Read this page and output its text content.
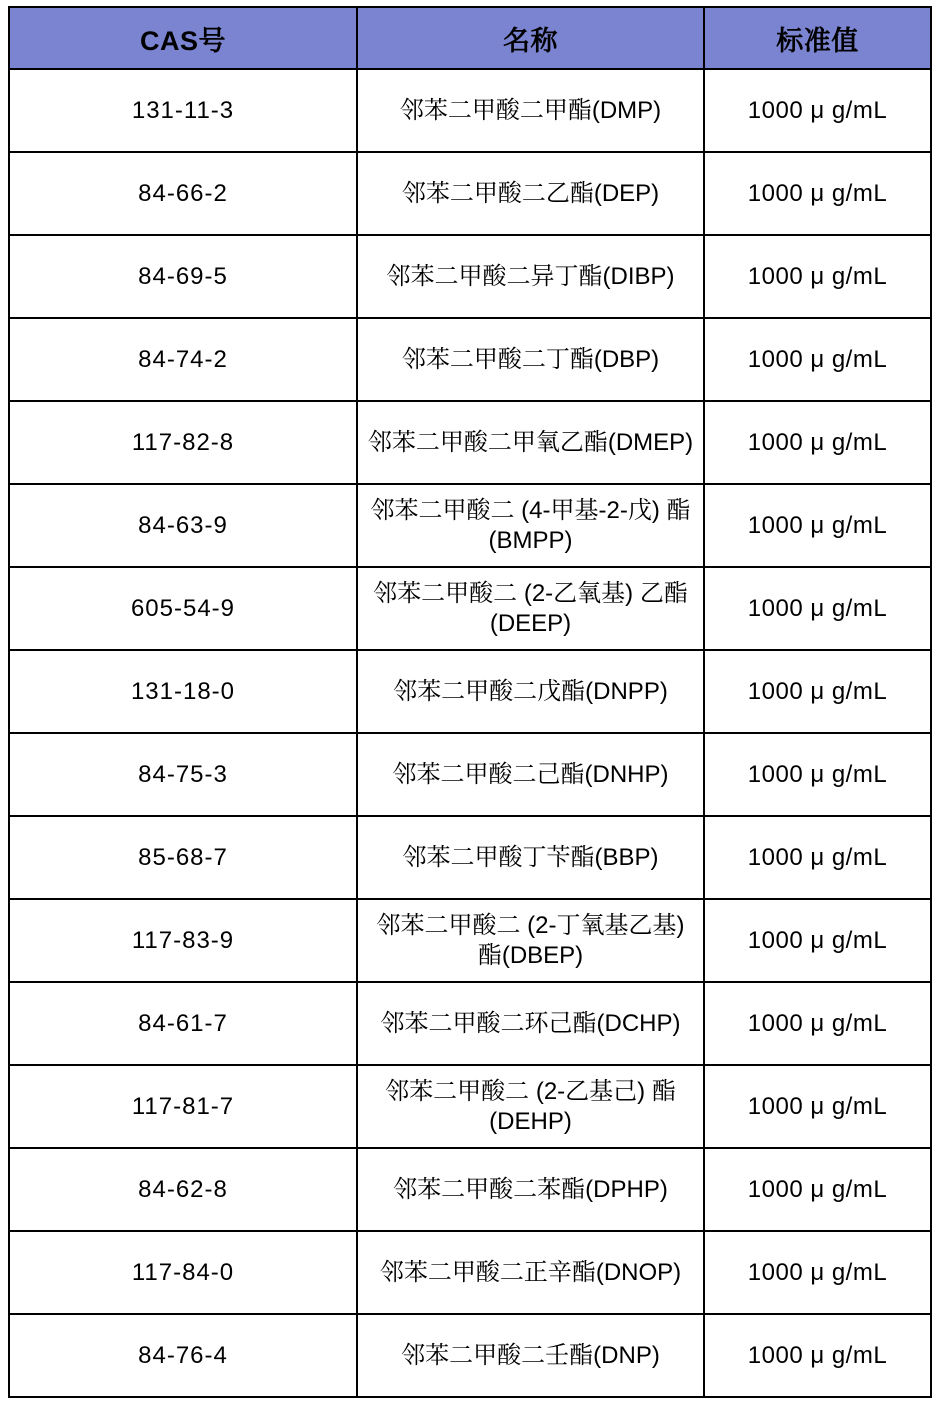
CAS号	名称	标准值
131-11-3	邻苯二甲酸二甲酯(DMP)	1000 μ g/mL
84-66-2	邻苯二甲酸二乙酯(DEP)	1000 μ g/mL
84-69-5	邻苯二甲酸二异丁酯(DIBP)	1000 μ g/mL
84-74-2	邻苯二甲酸二丁酯(DBP)	1000 μ g/mL
117-82-8	邻苯二甲酸二甲氧乙酯(DMEP)	1000 μ g/mL
84-63-9	邻苯二甲酸二 (4-甲基-2-戊) 酯(BMPP)	1000 μ g/mL
605-54-9	邻苯二甲酸二 (2-乙氧基) 乙酯(DEEP)	1000 μ g/mL
131-18-0	邻苯二甲酸二戊酯(DNPP)	1000 μ g/mL
84-75-3	邻苯二甲酸二己酯(DNHP)	1000 μ g/mL
85-68-7	邻苯二甲酸丁苄酯(BBP)	1000 μ g/mL
117-83-9	邻苯二甲酸二 (2-丁氧基乙基) 酯(DBEP)	1000 μ g/mL
84-61-7	邻苯二甲酸二环己酯(DCHP)	1000 μ g/mL
117-81-7	邻苯二甲酸二 (2-乙基己) 酯(DEHP)	1000 μ g/mL
84-62-8	邻苯二甲酸二苯酯(DPHP)	1000 μ g/mL
117-84-0	邻苯二甲酸二正辛酯(DNOP)	1000 μ g/mL
84-76-4	邻苯二甲酸二壬酯(DNP)	1000 μ g/mL
